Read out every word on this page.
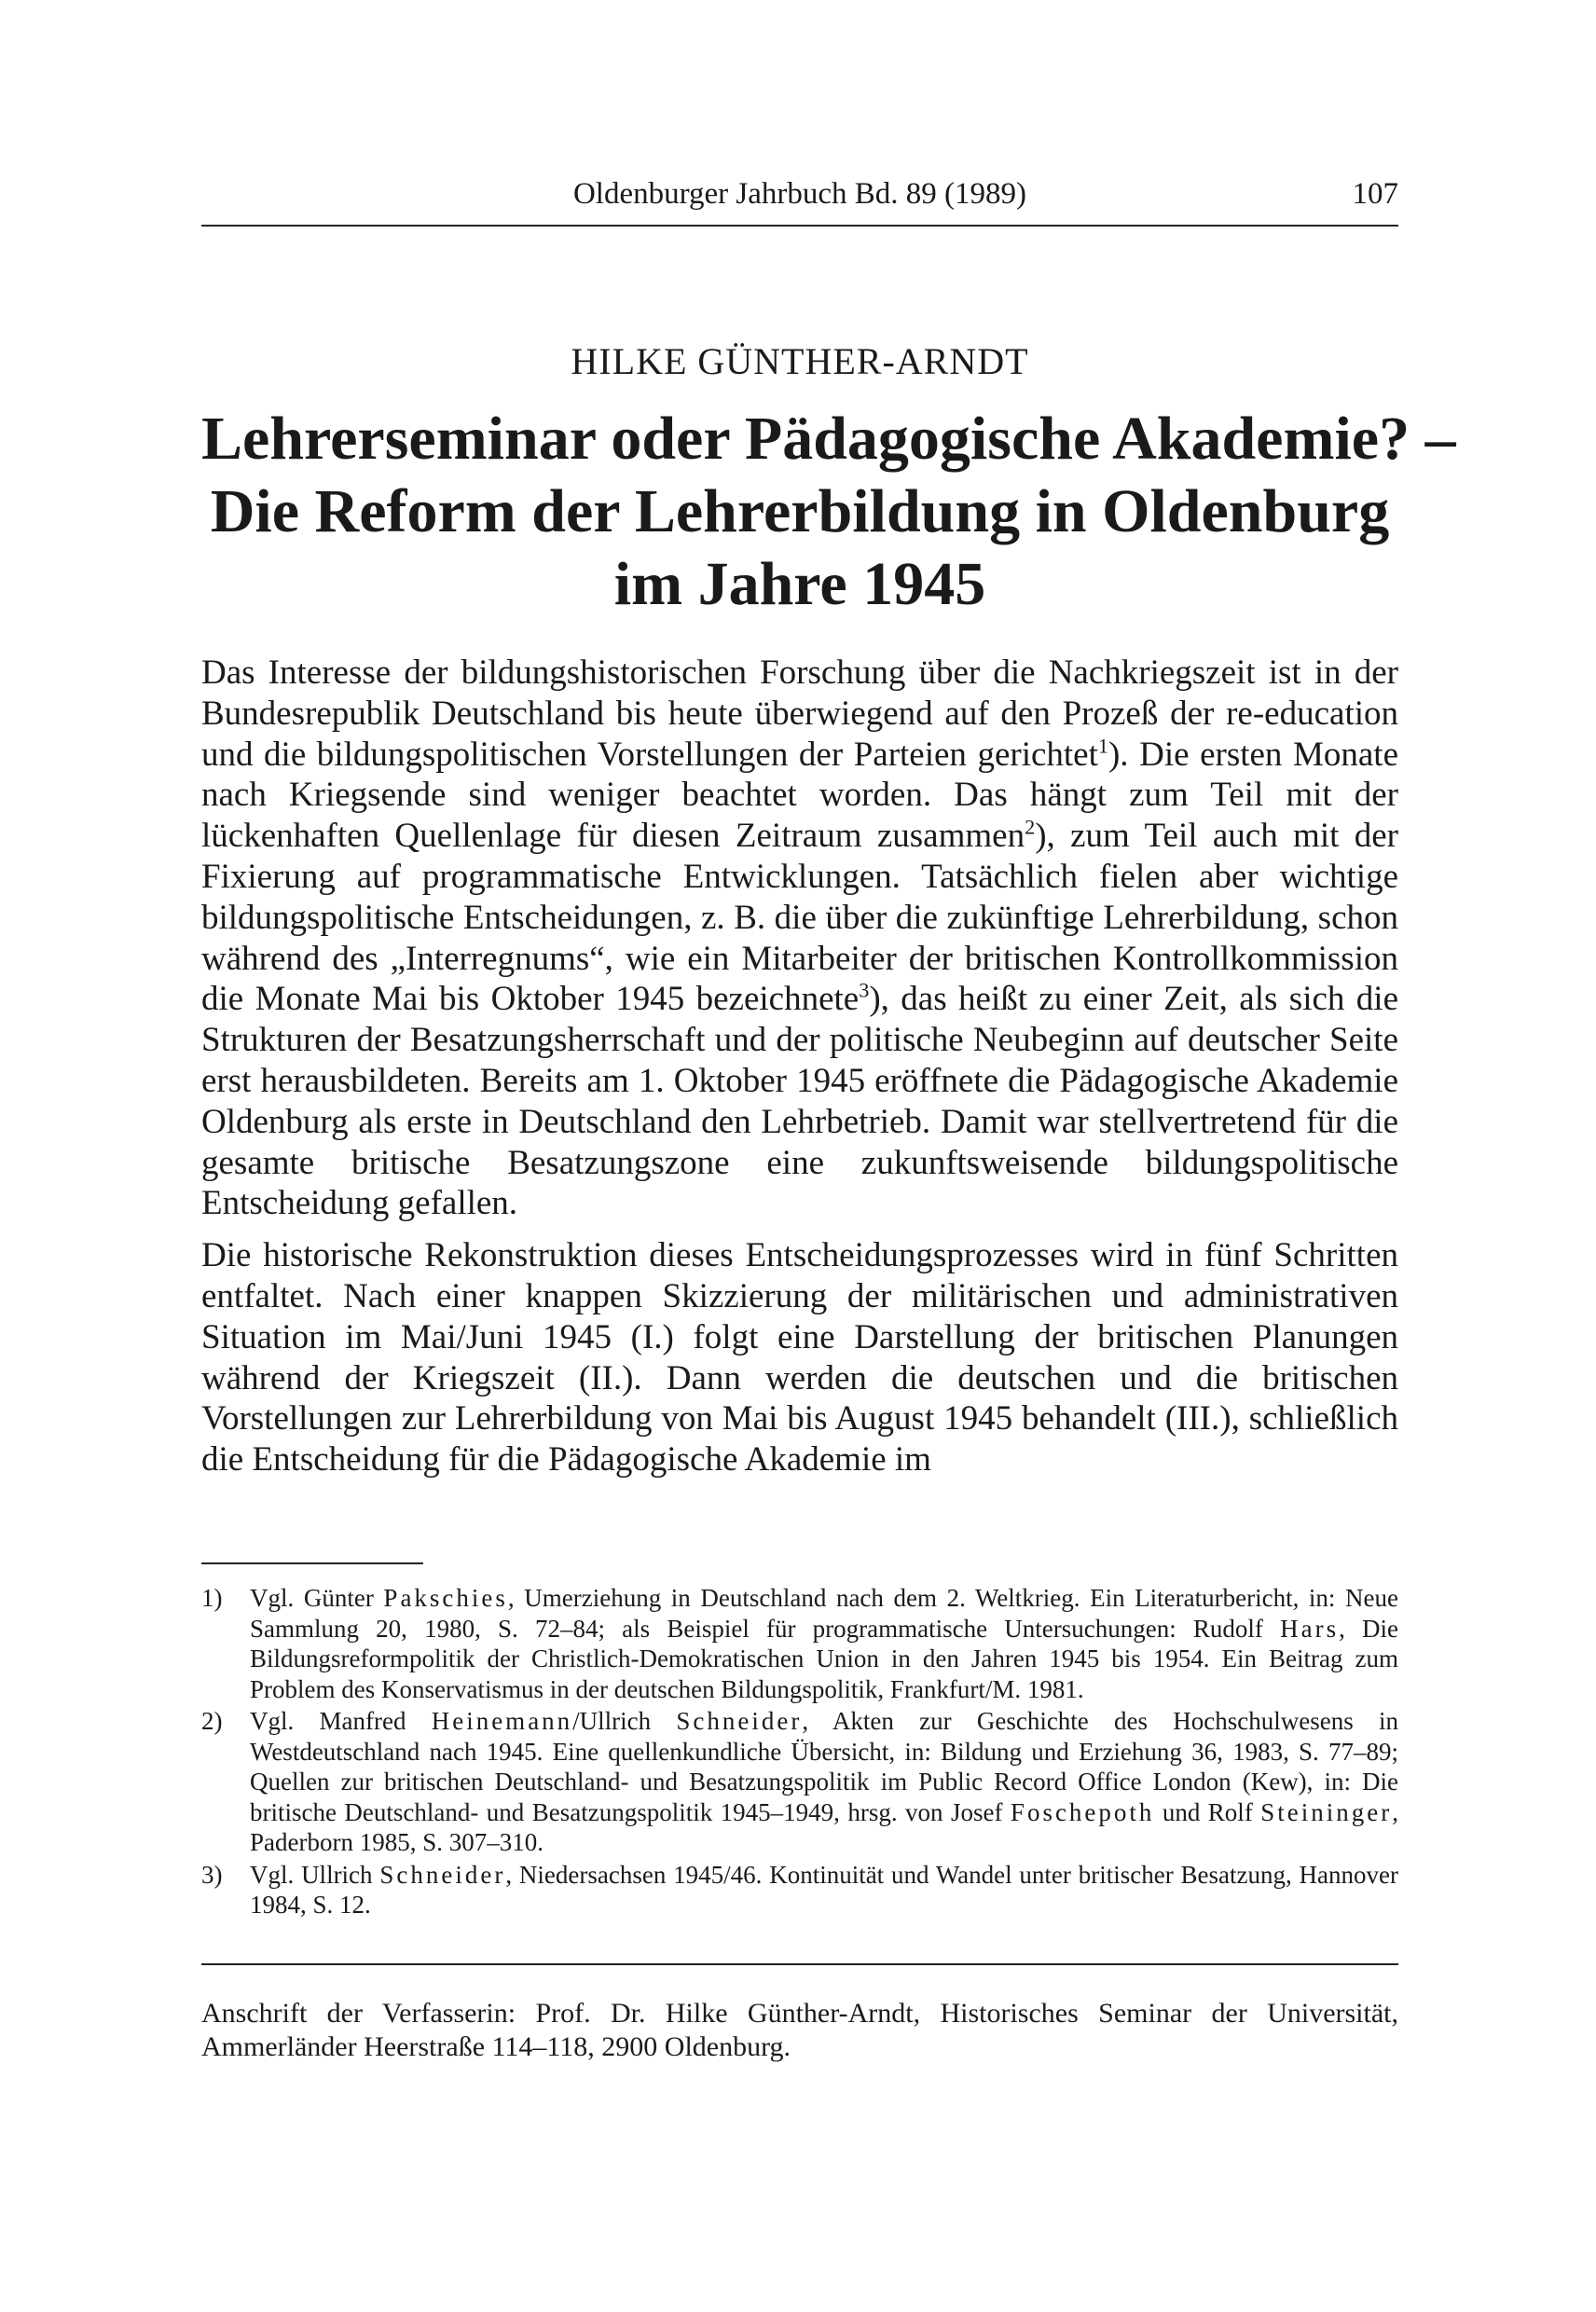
Oldenburger Jahrbuch Bd. 89 (1989)	107
HILKE GÜNTHER-ARNDT
Lehrerseminar oder Pädagogische Akademie? –
Die Reform der Lehrerbildung in Oldenburg
im Jahre 1945

Das Interesse der bildungshistorischen Forschung über die Nachkriegszeit ist in der Bundesrepublik Deutschland bis heute überwiegend auf den Prozeß der re-education und die bildungspolitischen Vorstellungen der Parteien gerichtet$^1$). Die ersten Monate nach Kriegsende sind weniger beachtet worden. Das hängt zum Teil mit der lückenhaften Quellenlage für diesen Zeitraum zusammen$^2$), zum Teil auch mit der Fixierung auf programmatische Entwicklungen. Tatsächlich fielen aber wichtige bildungspolitische Entscheidungen, z. B. die über die zukünftige Lehrerbildung, schon während des „Interregnums“, wie ein Mitarbeiter der britischen Kontrollkommission die Monate Mai bis Oktober 1945 bezeichnete$^3$), das heißt zu einer Zeit, als sich die Strukturen der Besatzungsherrschaft und der politische Neubeginn auf deutscher Seite erst herausbildeten. Bereits am 1. Oktober 1945 eröffnete die Pädagogische Akademie Oldenburg als erste in Deutschland den Lehrbetrieb. Damit war stellvertretend für die gesamte britische Besatzungszone eine zukunftsweisende bildungspolitische Entscheidung gefallen.

Die historische Rekonstruktion dieses Entscheidungsprozesses wird in fünf Schritten entfaltet. Nach einer knappen Skizzierung der militärischen und administrativen Situation im Mai/Juni 1945 (I.) folgt eine Darstellung der britischen Planungen während der Kriegszeit (II.). Dann werden die deutschen und die britischen Vorstellungen zur Lehrerbildung von Mai bis August 1945 behandelt (III.), schließlich die Entscheidung für die Pädagogische Akademie im

1) Vgl. Günter Pakschies, Umerziehung in Deutschland nach dem 2. Weltkrieg. Ein Literaturbericht, in: Neue Sammlung 20, 1980, S. 72–84; als Beispiel für programmatische Untersuchungen: Rudolf Hars, Die Bildungsreformpolitik der Christlich-Demokratischen Union in den Jahren 1945 bis 1954. Ein Beitrag zum Problem des Konservatismus in der deutschen Bildungspolitik, Frankfurt/M. 1981.
2) Vgl. Manfred Heinemann/Ullrich Schneider, Akten zur Geschichte des Hochschulwesens in Westdeutschland nach 1945. Eine quellenkundliche Übersicht, in: Bildung und Erziehung 36, 1983, S. 77–89; Quellen zur britischen Deutschland- und Besatzungspolitik im Public Record Office London (Kew), in: Die britische Deutschland- und Besatzungspolitik 1945–1949, hrsg. von Josef Foschepoth und Rolf Steininger, Paderborn 1985, S. 307–310.
3) Vgl. Ullrich Schneider, Niedersachsen 1945/46. Kontinuität und Wandel unter britischer Besatzung, Hannover 1984, S. 12.
Anschrift der Verfasserin: Prof. Dr. Hilke Günther-Arndt, Historisches Seminar der Universität, Ammerländer Heerstraße 114–118, 2900 Oldenburg.
